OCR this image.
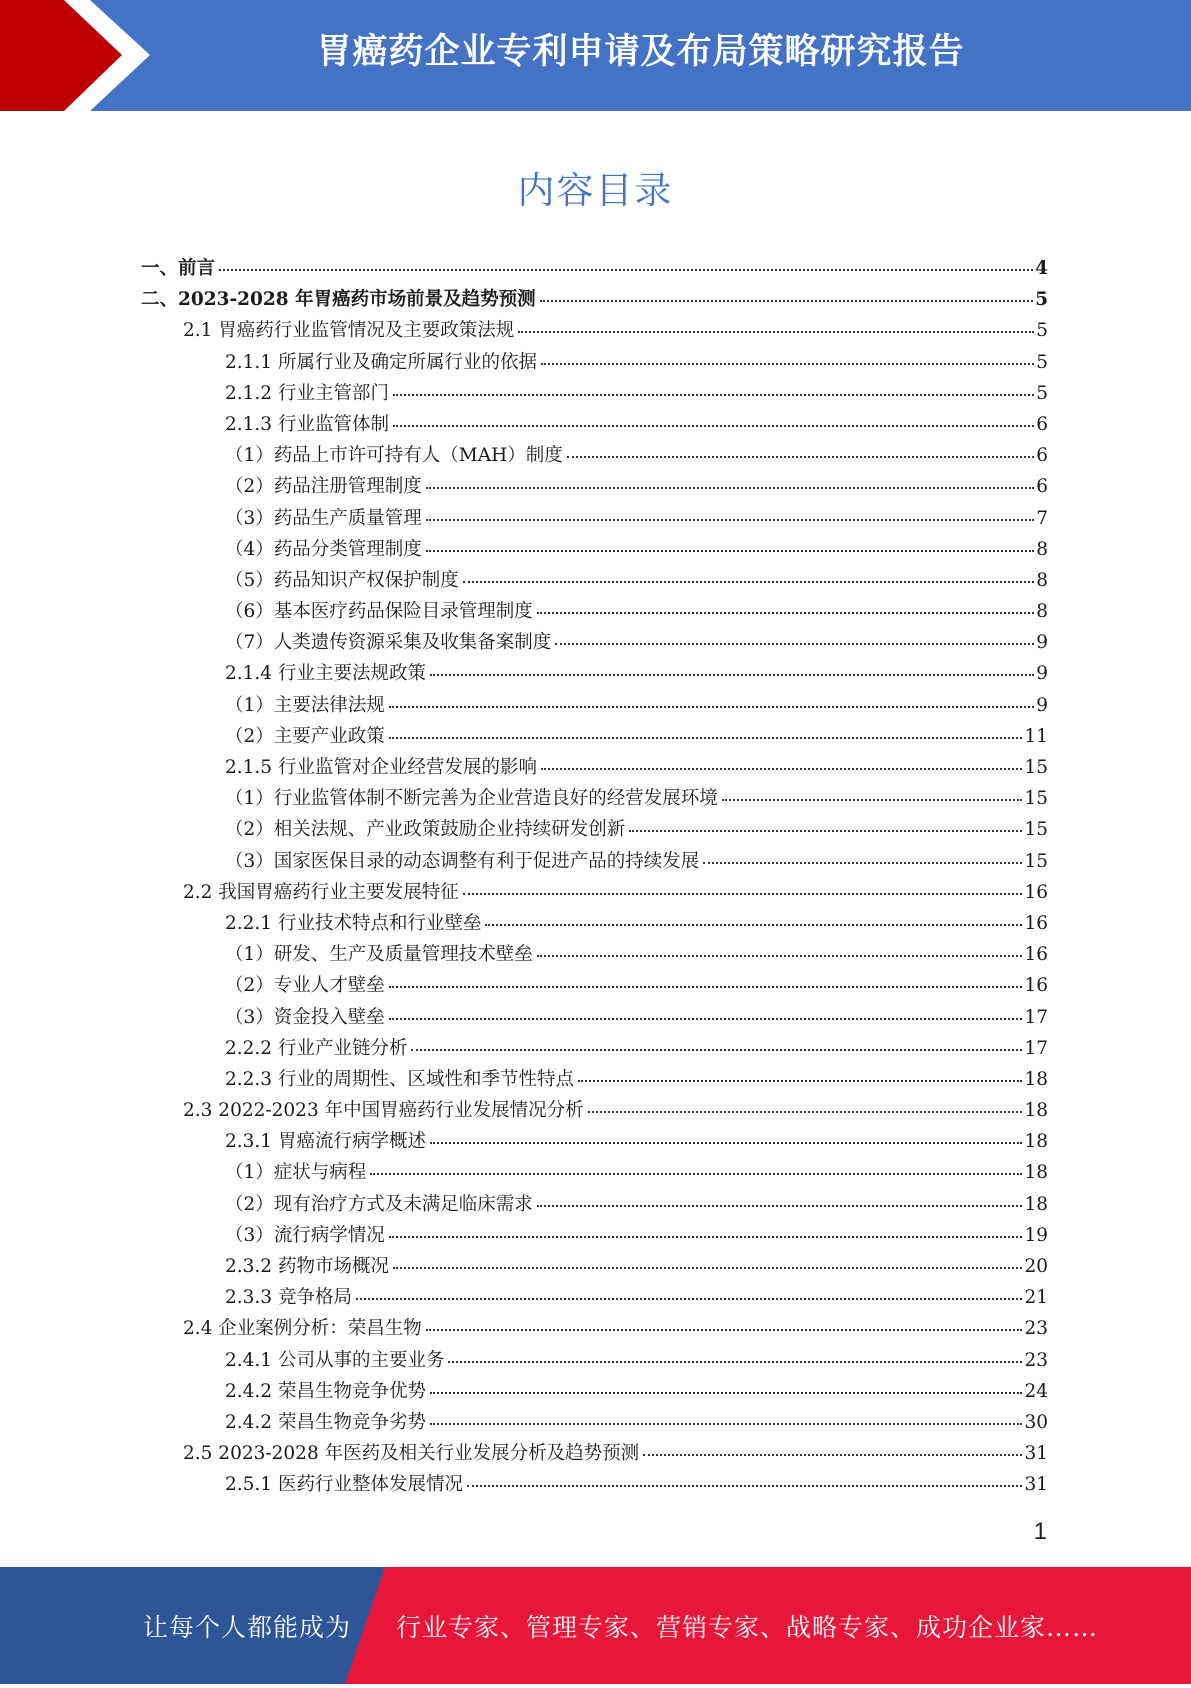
胃癌药企业专利申请及布局策略研究报告
内容目录
一、前言	4
二、2023-2028 年胃癌药市场前景及趋势预测	5
2.1 胃癌药行业监管情况及主要政策法规	5
2.1.1 所属行业及确定所属行业的依据	5
2.1.2 行业主管部门	5
2.1.3 行业监管体制	6
（1）药品上市许可持有人（MAH）制度	6
（2）药品注册管理制度	6
（3）药品生产质量管理	7
（4）药品分类管理制度	8
（5）药品知识产权保护制度	8
（6）基本医疗药品保险目录管理制度	8
（7）人类遗传资源采集及收集备案制度	9
2.1.4 行业主要法规政策	9
（1）主要法律法规	9
（2）主要产业政策	11
2.1.5 行业监管对企业经营发展的影响	15
（1）行业监管体制不断完善为企业营造良好的经营发展环境	15
（2）相关法规、产业政策鼓励企业持续研发创新	15
（3）国家医保目录的动态调整有利于促进产品的持续发展	15
2.2 我国胃癌药行业主要发展特征	16
2.2.1 行业技术特点和行业壁垒	16
（1）研发、生产及质量管理技术壁垒	16
（2）专业人才壁垒	16
（3）资金投入壁垒	17
2.2.2 行业产业链分析	17
2.2.3 行业的周期性、区域性和季节性特点	18
2.3 2022-2023 年中国胃癌药行业发展情况分析	18
2.3.1 胃癌流行病学概述	18
（1）症状与病程	18
（2）现有治疗方式及未满足临床需求	18
（3）流行病学情况	19
2.3.2 药物市场概况	20
2.3.3 竞争格局	21
2.4 企业案例分析：荣昌生物	23
2.4.1 公司从事的主要业务	23
2.4.2 荣昌生物竞争优势	24
2.4.2 荣昌生物竞争劣势	30
2.5 2023-2028 年医药及相关行业发展分析及趋势预测	31
2.5.1 医药行业整体发展情况	31
1
让每个人都能成为 行业专家、管理专家、营销专家、战略专家、成功企业家……
